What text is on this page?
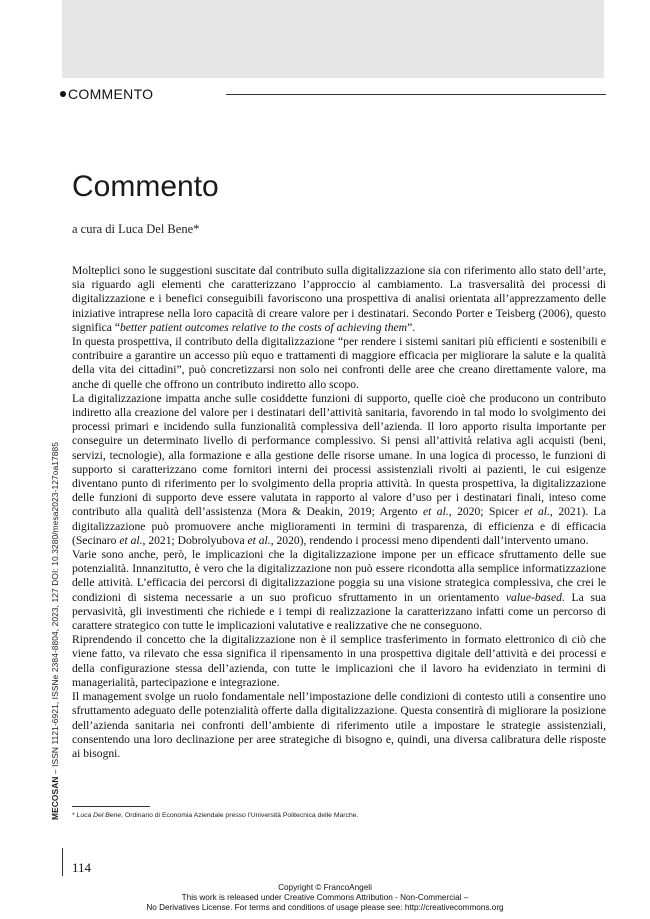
COMMENTO
MECOSAN – ISSN 1121-6921, ISSNe 2384-8804, 2023, 127 DOI: 10.3280/mesa2023-127oa17885
Commento
a cura di Luca Del Bene*

Molteplici sono le suggestioni suscitate dal contributo sulla digitalizzazione sia con riferimento allo stato dell’arte, sia riguardo agli elementi che caratterizzano l’approccio al cambiamento. La trasversalità dei processi di digitalizzazione e i benefici conseguibili favoriscono una prospettiva di analisi orientata all’apprezzamento delle iniziative intraprese nella loro capacità di creare valore per i destinatari. Secondo Porter e Teisberg (2006), questo significa “better patient outcomes relative to the costs of achieving them”.

In questa prospettiva, il contributo della digitalizzazione “per rendere i sistemi sanitari più efficienti e sostenibili e contribuire a garantire un accesso più equo e trattamenti di maggiore efficacia per migliorare la salute e la qualità della vita dei cittadini”, può concretizzarsi non solo nei confronti delle aree che creano direttamente valore, ma anche di quelle che offrono un contributo indiretto allo scopo.

La digitalizzazione impatta anche sulle cosiddette funzioni di supporto, quelle cioè che producono un contributo indiretto alla creazione del valore per i destinatari dell’attività sanitaria, favorendo in tal modo lo svolgimento dei processi primari e incidendo sulla funzionalità complessiva dell’azienda. Il loro apporto risulta importante per conseguire un determinato livello di performance complessivo. Si pensi all’attività relativa agli acquisti (beni, servizi, tecnologie), alla formazione e alla gestione delle risorse umane. In una logica di processo, le funzioni di supporto si caratterizzano come fornitori interni dei processi assistenziali rivolti ai pazienti, le cui esigenze diventano punto di riferimento per lo svolgimento della propria attività. In questa prospettiva, la digitalizzazione delle funzioni di supporto deve essere valutata in rapporto al valore d’uso per i destinatari finali, inteso come contributo alla qualità dell’assistenza (Mora & Deakin, 2019; Argento et al., 2020; Spicer et al., 2021). La digitalizzazione può promuovere anche miglioramenti in termini di trasparenza, di efficienza e di efficacia (Secinaro et al., 2021; Dobrolyubova et al., 2020), rendendo i processi meno dipendenti dall’intervento umano.

Varie sono anche, però, le implicazioni che la digitalizzazione impone per un efficace sfruttamento delle sue potenzialità. Innanzitutto, è vero che la digitalizzazione non può essere ricondotta alla semplice informatizzazione delle attività. L’efficacia dei percorsi di digitalizzazione poggia su una visione strategica complessiva, che crei le condizioni di sistema necessarie a un suo proficuo sfruttamento in un orientamento value-based. La sua pervasività, gli investimenti che richiede e i tempi di realizzazione la caratterizzano infatti come un percorso di carattere strategico con tutte le implicazioni valutative e realizzative che ne conseguono.

Riprendendo il concetto che la digitalizzazione non è il semplice trasferimento in formato elettronico di ciò che viene fatto, va rilevato che essa significa il ripensamento in una prospettiva digitale dell’attività e dei processi e della configurazione stessa dell’azienda, con tutte le implicazioni che il lavoro ha evidenziato in termini di managerialità, partecipazione e integrazione.

Il management svolge un ruolo fondamentale nell’impostazione delle condizioni di contesto utili a consentire uno sfruttamento adeguato delle potenzialità offerte dalla digitalizzazione. Questa consentirà di migliorare la posizione dell’azienda sanitaria nei confronti dell’ambiente di riferimento utile a impostare le strategie assistenziali, consentendo una loro declinazione per aree strategiche di bisogno e, quindi, una diversa calibratura delle risposte ai bisogni.

* Luca Del Bene, Ordinario di Economia Aziendale presso l’Università Politecnica delle Marche.
114
Copyright © FrancoAngeli
This work is released under Creative Commons Attribution - Non-Commercial –
No Derivatives License. For terms and conditions of usage please see: http://creativecommons.org
